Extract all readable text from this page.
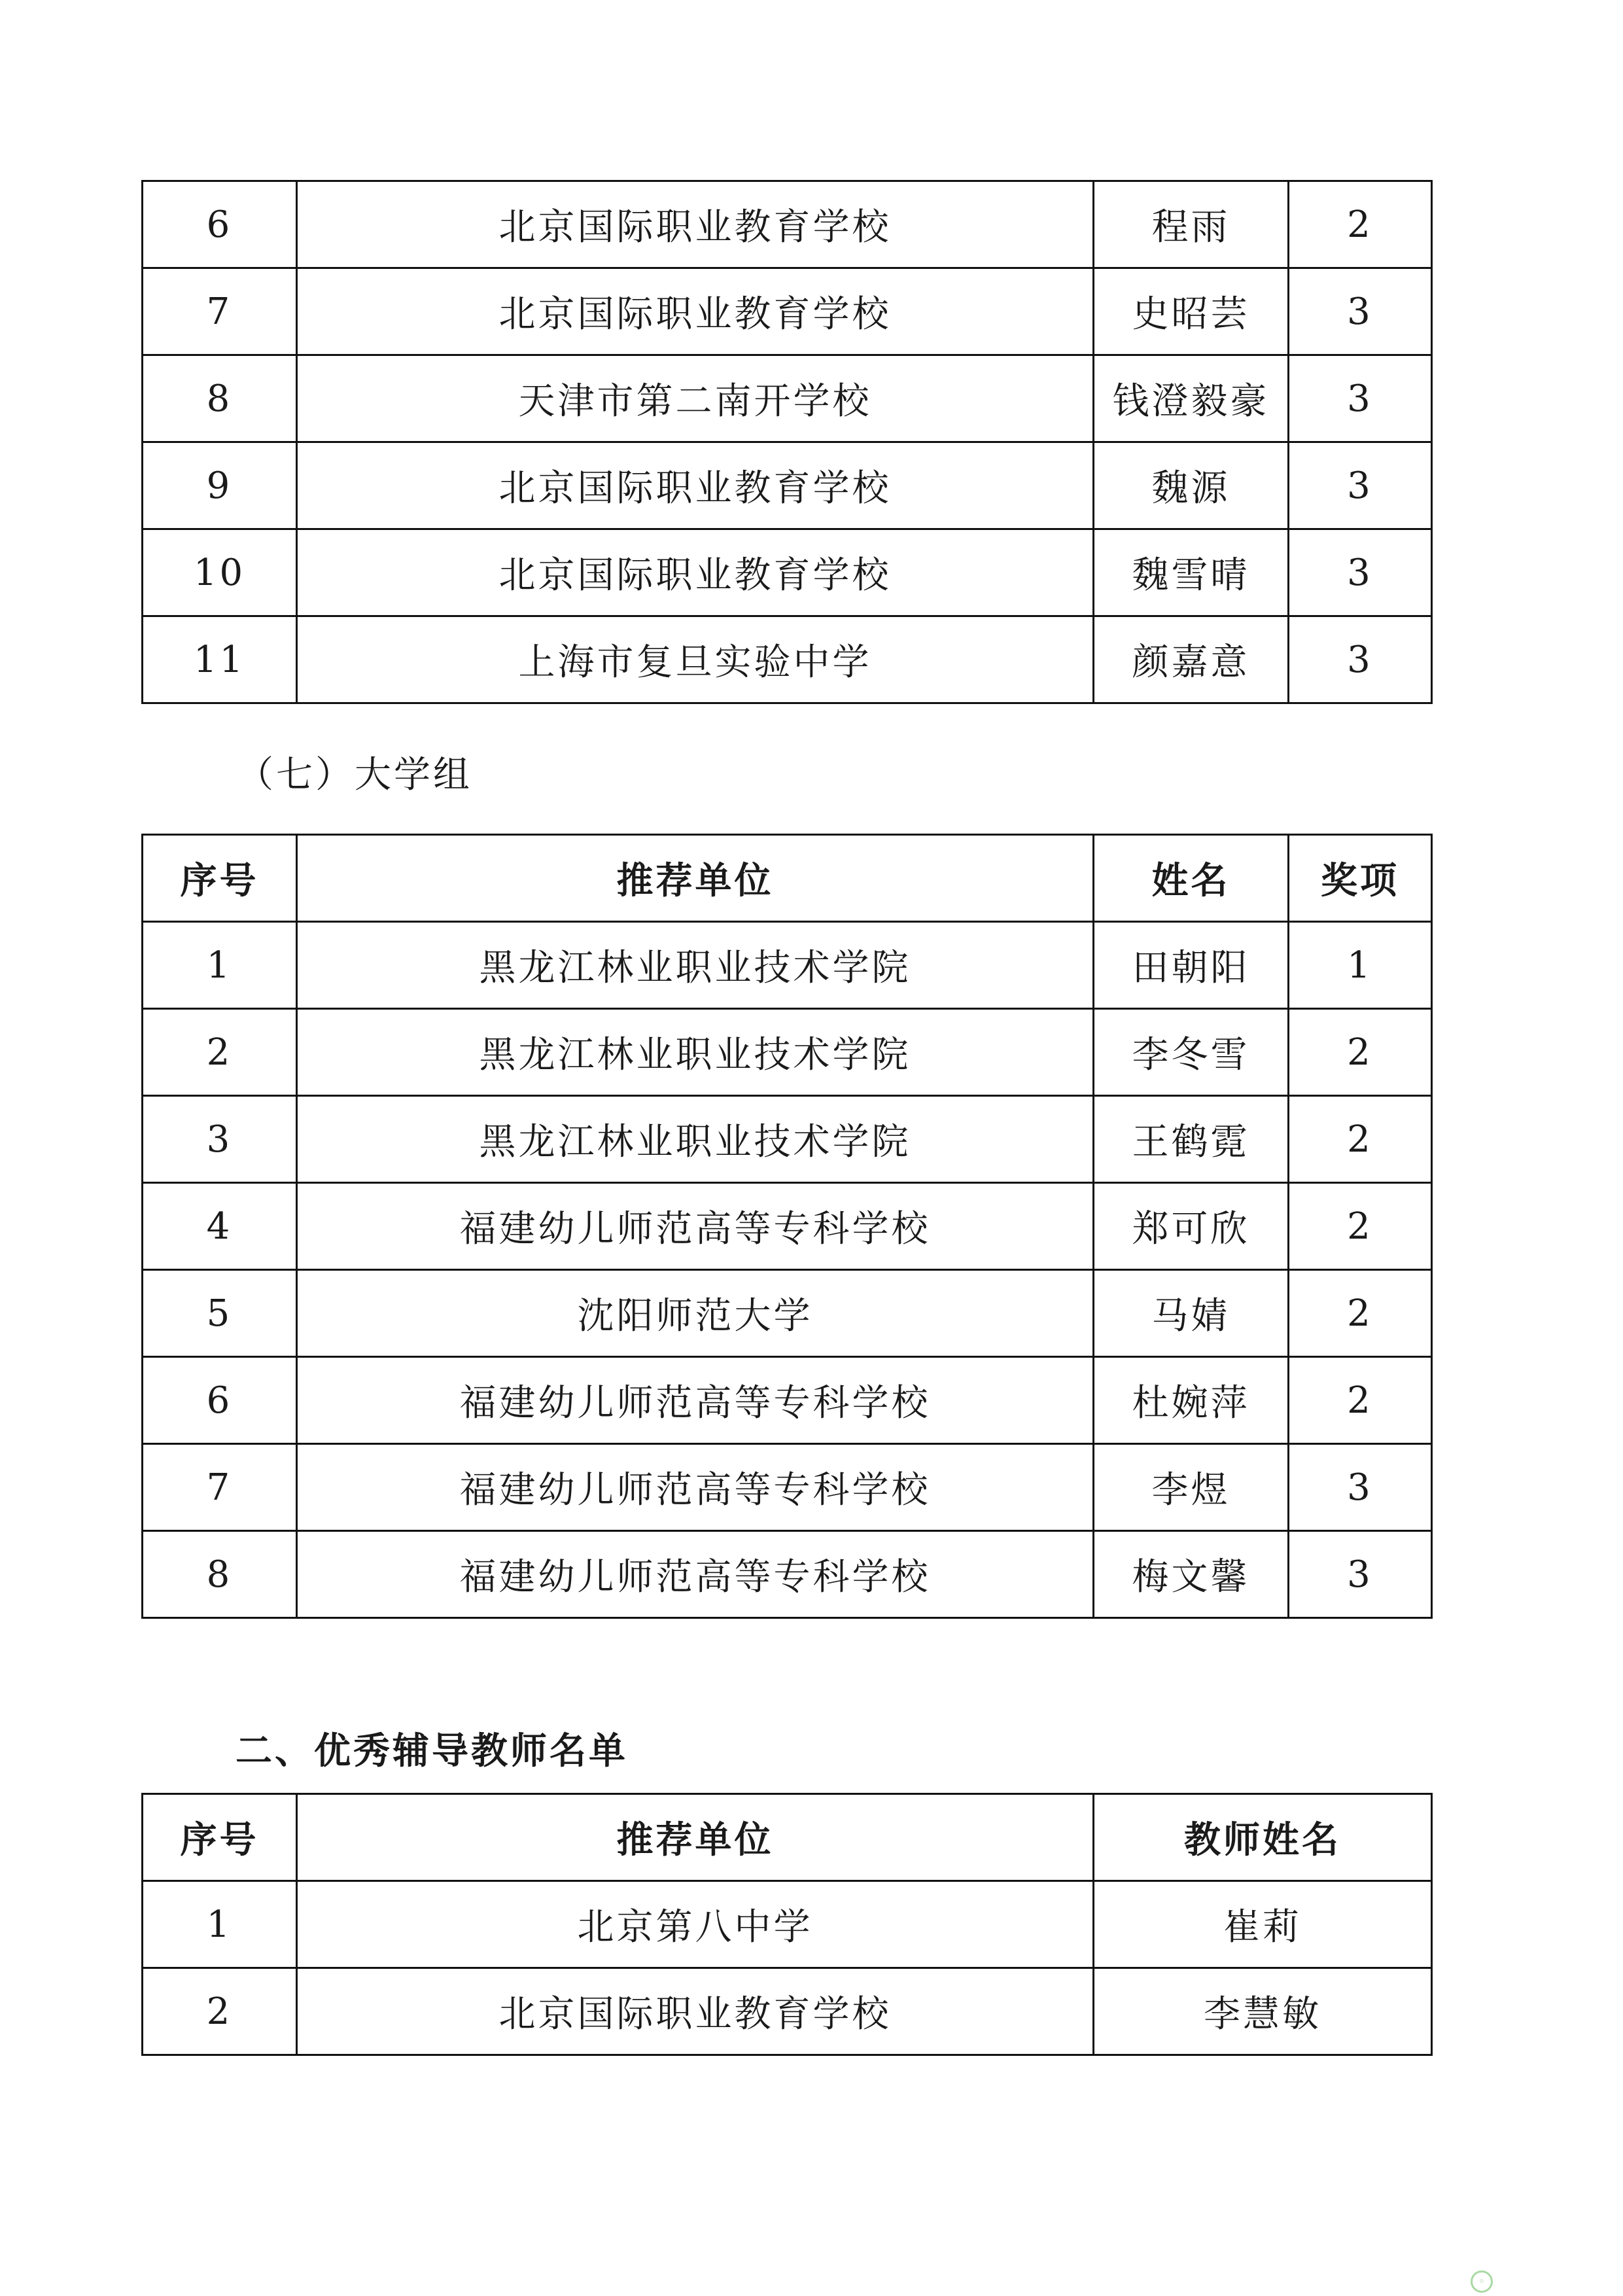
6	北京国际职业教育学校	程雨	2
7	北京国际职业教育学校	史昭芸	3
8	天津市第二南开学校	钱澄毅豪	3
9	北京国际职业教育学校	魏源	3
10	北京国际职业教育学校	魏雪晴	3
11	上海市复旦实验中学	颜嘉意	3
（七）大学组
序号	推荐单位	姓名	奖项
1	黑龙江林业职业技术学院	田朝阳	1
2	黑龙江林业职业技术学院	李冬雪	2
3	黑龙江林业职业技术学院	王鹤霓	2
4	福建幼儿师范高等专科学校	郑可欣	2
5	沈阳师范大学	马婧	2
6	福建幼儿师范高等专科学校	杜婉萍	2
7	福建幼儿师范高等专科学校	李煜	3
8	福建幼儿师范高等专科学校	梅文馨	3
二、优秀辅导教师名单
序号	推荐单位	教师姓名
1	北京第八中学	崔莉
2	北京国际职业教育学校	李慧敏
◦
